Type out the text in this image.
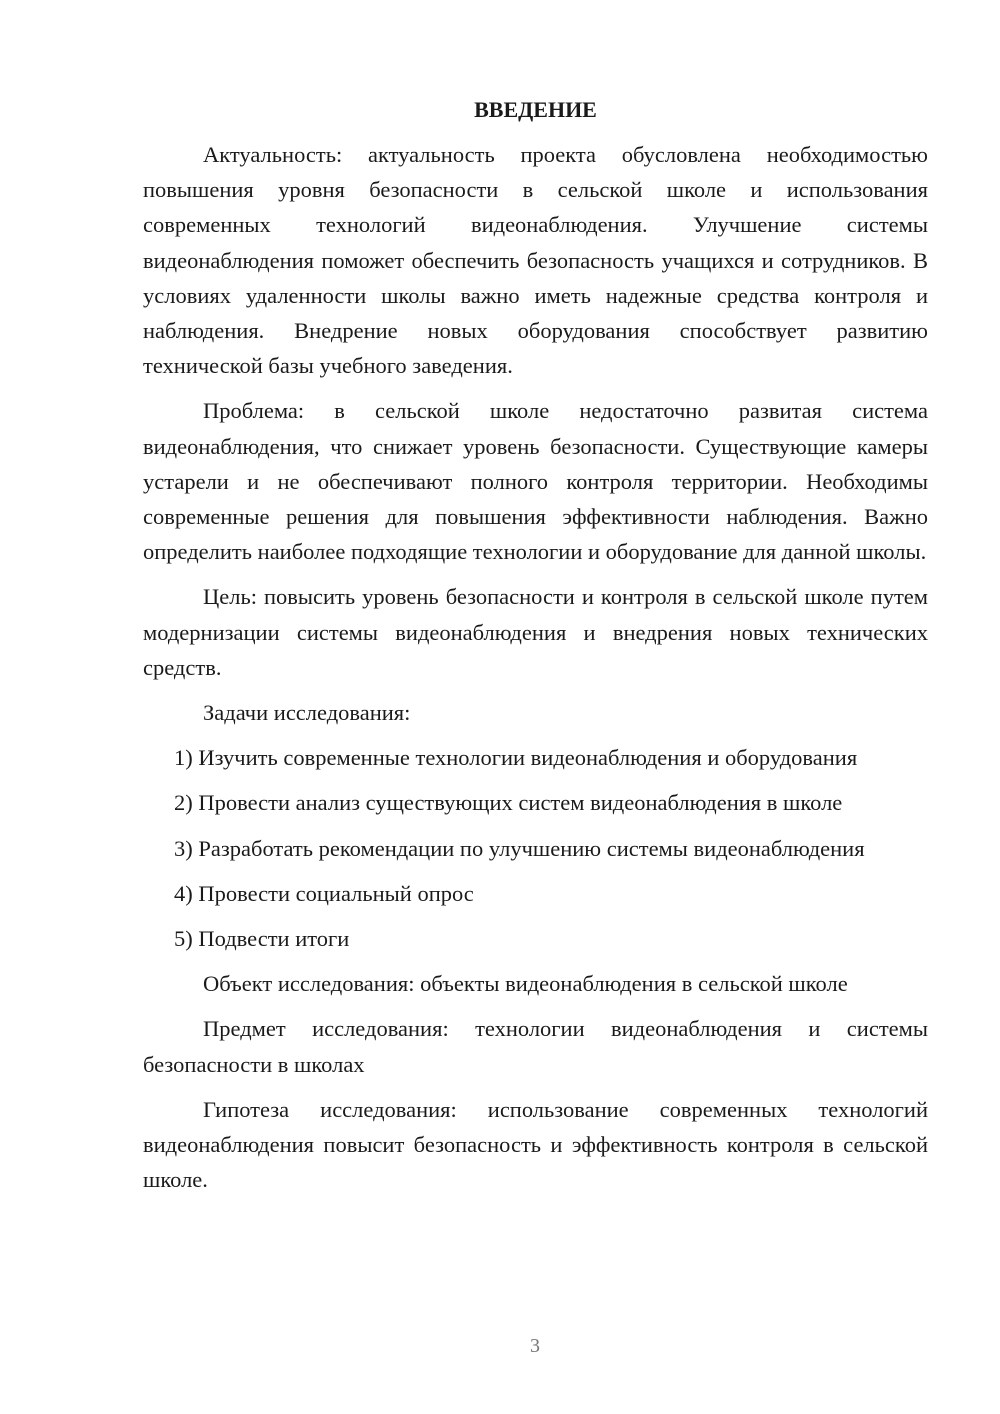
ВВЕДЕНИЕ

Актуальность: актуальность проекта обусловлена необходимостью повышения уровня безопасности в сельской школе и использования современных технологий видеонаблюдения. Улучшение системы видеонаблюдения поможет обеспечить безопасность учащихся и сотрудников. В условиях удаленности школы важно иметь надежные средства контроля и наблюдения. Внедрение новых оборудования способствует развитию технической базы учебного заведения.

Проблема: в сельской школе недостаточно развитая система видеонаблюдения, что снижает уровень безопасности. Существующие камеры устарели и не обеспечивают полного контроля территории. Необходимы современные решения для повышения эффективности наблюдения. Важно определить наиболее подходящие технологии и оборудование для данной школы.

Цель: повысить уровень безопасности и контроля в сельской школе путем модернизации системы видеонаблюдения и внедрения новых технических средств.

Задачи исследования:

1) Изучить современные технологии видеонаблюдения и оборудования

2) Провести анализ существующих систем видеонаблюдения в школе

3) Разработать рекомендации по улучшению системы видеонаблюдения

4) Провести социальный опрос

5) Подвести итоги

Объект исследования: объекты видеонаблюдения в сельской школе

Предмет исследования: технологии видеонаблюдения и системы безопасности в школах

Гипотеза исследования: использование современных технологий видеонаблюдения повысит безопасность и эффективность контроля в сельской школе.

3
